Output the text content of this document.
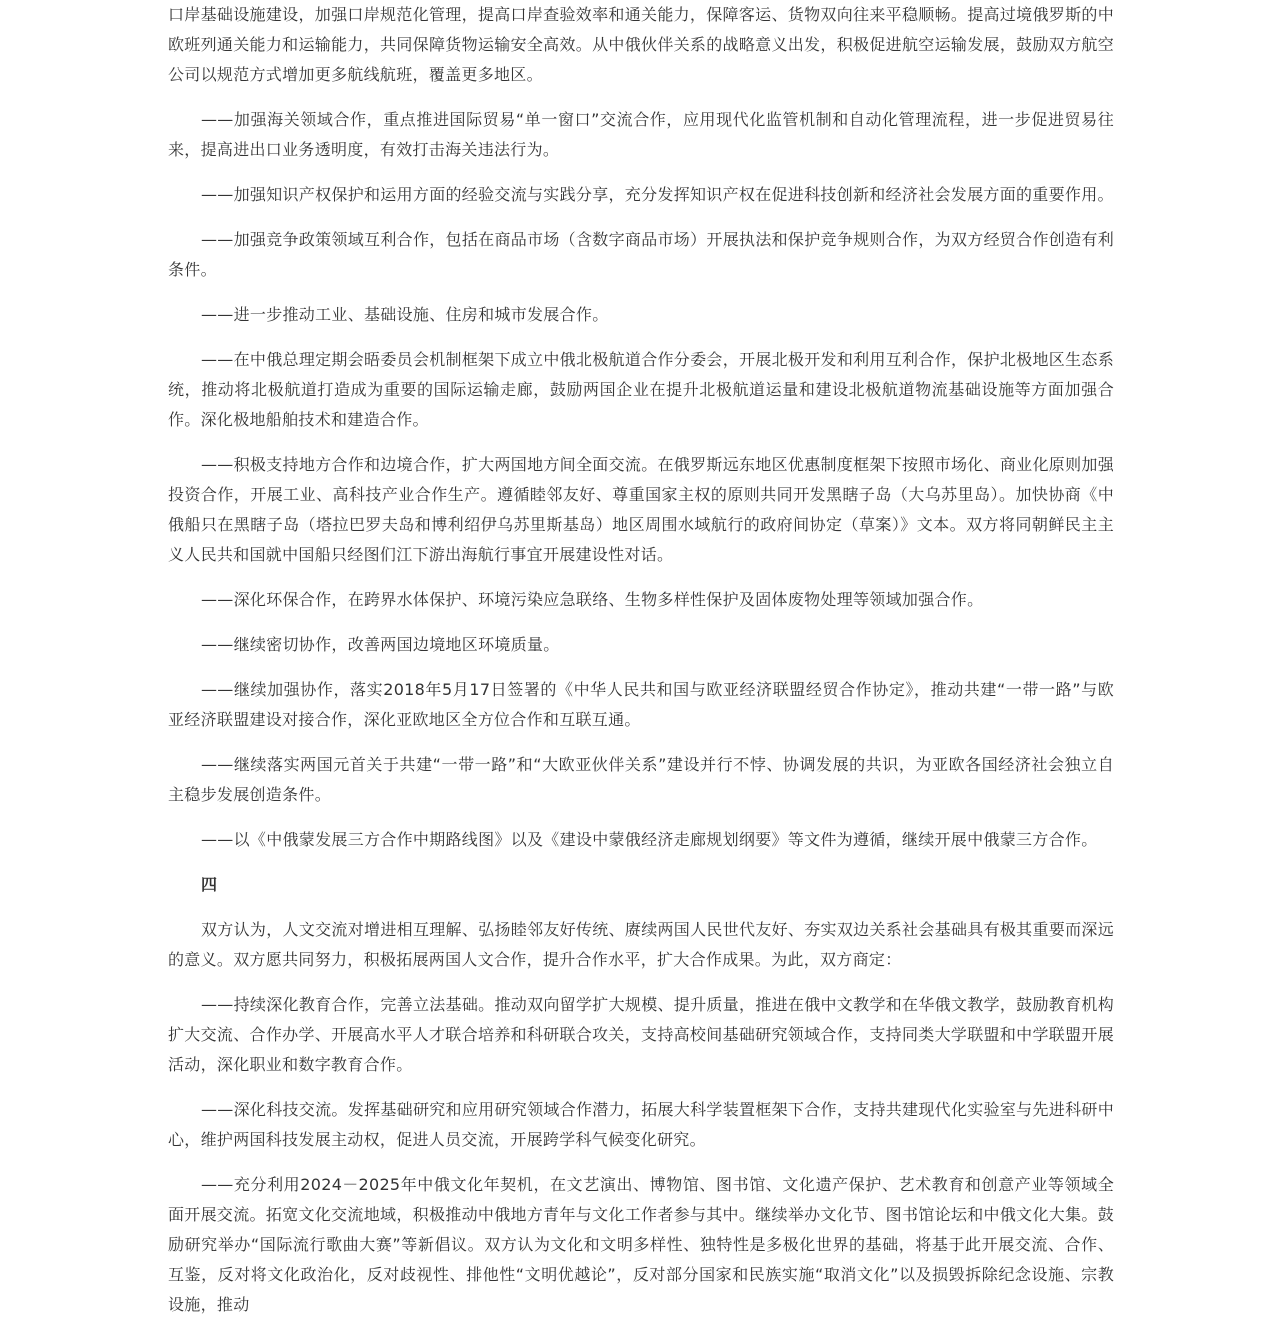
口岸基础设施建设，加强口岸规范化管理，提高口岸查验效率和通关能力，保障客运、货物双向往来平稳顺畅。提高过境俄罗斯的中欧班列通关能力和运输能力，共同保障货物运输安全高效。从中俄伙伴关系的战略意义出发，积极促进航空运输发展，鼓励双方航空公司以规范方式增加更多航线航班，覆盖更多地区。

——加强海关领域合作，重点推进国际贸易“单一窗口”交流合作，应用现代化监管机制和自动化管理流程，进一步促进贸易往来，提高进出口业务透明度，有效打击海关违法行为。

——加强知识产权保护和运用方面的经验交流与实践分享，充分发挥知识产权在促进科技创新和经济社会发展方面的重要作用。

——加强竞争政策领域互利合作，包括在商品市场（含数字商品市场）开展执法和保护竞争规则合作，为双方经贸合作创造有利条件。

——进一步推动工业、基础设施、住房和城市发展合作。

——在中俄总理定期会晤委员会机制框架下成立中俄北极航道合作分委会，开展北极开发和利用互利合作，保护北极地区生态系统，推动将北极航道打造成为重要的国际运输走廊，鼓励两国企业在提升北极航道运量和建设北极航道物流基础设施等方面加强合作。深化极地船舶技术和建造合作。

——积极支持地方合作和边境合作，扩大两国地方间全面交流。在俄罗斯远东地区优惠制度框架下按照市场化、商业化原则加强投资合作，开展工业、高科技产业合作生产。遵循睦邻友好、尊重国家主权的原则共同开发黑瞎子岛（大乌苏里岛）。加快协商《中俄船只在黑瞎子岛（塔拉巴罗夫岛和博利绍伊乌苏里斯基岛）地区周围水域航行的政府间协定（草案）》文本。双方将同朝鲜民主主义人民共和国就中国船只经图们江下游出海航行事宜开展建设性对话。

——深化环保合作，在跨界水体保护、环境污染应急联络、生物多样性保护及固体废物处理等领域加强合作。

——继续密切协作，改善两国边境地区环境质量。

——继续加强协作，落实2018年5月17日签署的《中华人民共和国与欧亚经济联盟经贸合作协定》，推动共建“一带一路”与欧亚经济联盟建设对接合作，深化亚欧地区全方位合作和互联互通。

——继续落实两国元首关于共建“一带一路”和“大欧亚伙伴关系”建设并行不悖、协调发展的共识，为亚欧各国经济社会独立自主稳步发展创造条件。

——以《中俄蒙发展三方合作中期路线图》以及《建设中蒙俄经济走廊规划纲要》等文件为遵循，继续开展中俄蒙三方合作。

四

双方认为，人文交流对增进相互理解、弘扬睦邻友好传统、赓续两国人民世代友好、夯实双边关系社会基础具有极其重要而深远的意义。双方愿共同努力，积极拓展两国人文合作，提升合作水平，扩大合作成果。为此，双方商定：

——持续深化教育合作，完善立法基础。推动双向留学扩大规模、提升质量，推进在俄中文教学和在华俄文教学，鼓励教育机构扩大交流、合作办学、开展高水平人才联合培养和科研联合攻关，支持高校间基础研究领域合作，支持同类大学联盟和中学联盟开展活动，深化职业和数字教育合作。

——深化科技交流。发挥基础研究和应用研究领域合作潜力，拓展大科学装置框架下合作，支持共建现代化实验室与先进科研中心，维护两国科技发展主动权，促进人员交流，开展跨学科气候变化研究。

——充分利用2024－2025年中俄文化年契机，在文艺演出、博物馆、图书馆、文化遗产保护、艺术教育和创意产业等领域全面开展交流。拓宽文化交流地域，积极推动中俄地方青年与文化工作者参与其中。继续举办文化节、图书馆论坛和中俄文化大集。鼓励研究举办“国际流行歌曲大赛”等新倡议。双方认为文化和文明多样性、独特性是多极化世界的基础，将基于此开展交流、合作、互鉴，反对将文化政治化，反对歧视性、排他性“文明优越论”，反对部分国家和民族实施“取消文化”以及损毁拆除纪念设施、宗教设施，推动
